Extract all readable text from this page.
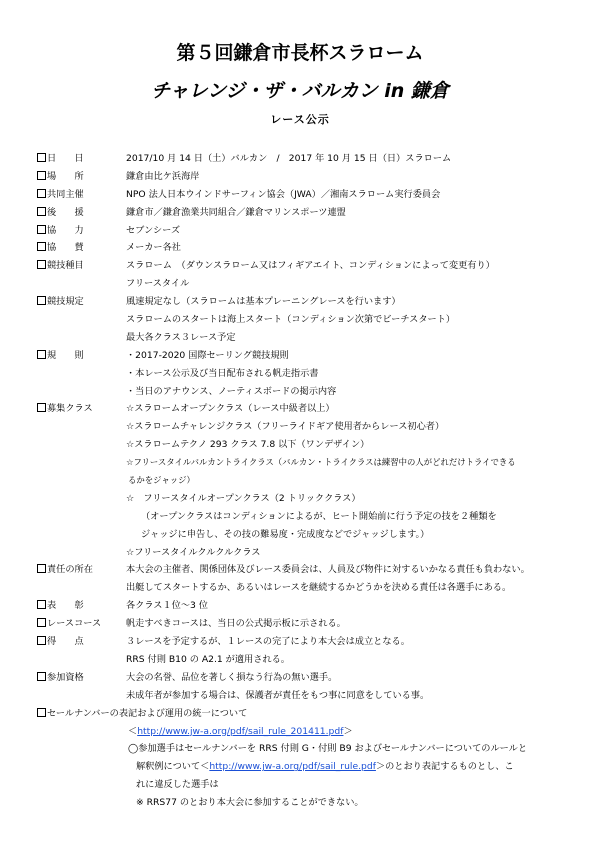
第５回鎌倉市長杯スラローム
チャレンジ・ザ・バルカン in 鎌倉
レース公示
日　　日	2017/10 月 14 日（土）バルカン　/　2017 年 10 月 15 日（日）スラローム
場　　所	鎌倉由比ケ浜海岸
共同主催	NPO 法人日本ウインドサーフィン協会（JWA）／湘南スラローム実行委員会
後　　援	鎌倉市／鎌倉漁業共同組合／鎌倉マリンスポーツ連盟
協　　力	セブンシーズ
協　　賛	メーカー各社
競技種目	スラローム　（ダウンスラローム又はフィギアエイト、コンディションによって変更有り）
フリースタイル
競技規定	風速規定なし（スラロームは基本プレーニングレースを行います）
スラロームのスタートは海上スタート（コンディション次第でビーチスタート）
最大各クラス３レース予定
規　　則	・2017-2020 国際セーリング競技規則
・本レース公示及び当日配布される帆走指示書
・当日のアナウンス、ノーティスボードの掲示内容
募集クラス	☆スラロームオープンクラス（レース中級者以上）
☆スラロームチャレンジクラス（フリーライドギア使用者からレース初心者）
☆スラロームテクノ 293 クラス 7.8 以下（ワンデザイン）
☆フリースタイルバルカントライクラス（バルカン・トライクラスは練習中の人がどれだけトライできる
るかをジャッジ）
☆　フリースタイルオープンクラス（2 トリッククラス）
（オープンクラスはコンディションによるが、ヒート開始前に行う予定の技を２種類を
ジャッジに申告し、その技の難易度・完成度などでジャッジします。）
☆フリースタイルクルクルクラス
責任の所在	本大会の主催者、関係団体及びレース委員会は、人員及び物件に対するいかなる責任も負わない。
出艇してスタートするか、あるいはレースを継続するかどうかを決める責任は各選手にある。
表　　彰	各クラス１位～3 位
レースコース	帆走すべきコースは、当日の公式掲示板に示される。
得　　点	３レースを予定するが、１レースの完了により本大会は成立となる。
RRS 付則 B10 の A2.1 が適用される。
参加資格	大会の名誉、品位を著しく損なう行為の無い選手。
未成年者が参加する場合は、保護者が責任をもつ事に同意をしている事。
セールナンバーの表記および運用の統一について
＜http://www.jw-a.org/pdf/sail_rule_201411.pdf＞
◯参加選手はセールナンバーを RRS 付則 G・付則 B9 およびセールナンバーについてのルールと
解釈例について＜http://www.jw-a.org/pdf/sail_rule.pdf＞のとおり表記するものとし、こ
れに違反した選手は
※ RRS77 のとおり本大会に参加することができない。
